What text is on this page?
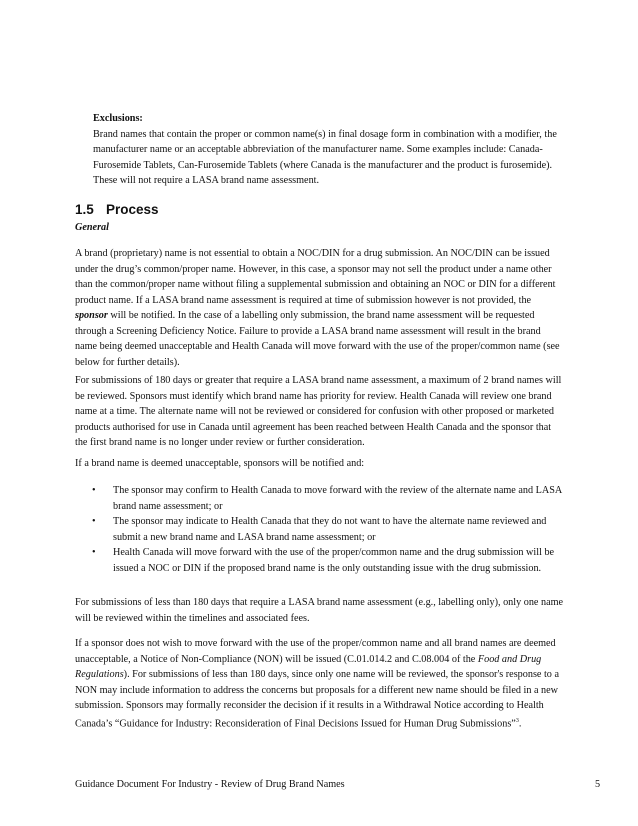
Exclusions:
Brand names that contain the proper or common name(s) in final dosage form in combination with a modifier, the manufacturer name or an acceptable abbreviation of the manufacturer name. Some examples include: Canada-Furosemide Tablets, Can-Furosemide Tablets (where Canada is the manufacturer and the product is furosemide). These will not require a LASA brand name assessment.
1.5 Process
General

A brand (proprietary) name is not essential to obtain a NOC/DIN for a drug submission. An NOC/DIN can be issued under the drug’s common/proper name. However, in this case, a sponsor may not sell the product under a name other than the common/proper name without filing a supplemental submission and obtaining an NOC or DIN for a different product name. If a LASA brand name assessment is required at time of submission however is not provided, the sponsor will be notified. In the case of a labelling only submission, the brand name assessment will be requested through a Screening Deficiency Notice. Failure to provide a LASA brand name assessment will result in the brand name being deemed unacceptable and Health Canada will move forward with the use of the proper/common name (see below for further details).

For submissions of 180 days or greater that require a LASA brand name assessment, a maximum of 2 brand names will be reviewed. Sponsors must identify which brand name has priority for review. Health Canada will review one brand name at a time. The alternate name will not be reviewed or considered for confusion with other proposed or marketed products authorised for use in Canada until agreement has been reached between Health Canada and the sponsor that the first brand name is no longer under review or further consideration.

If a brand name is deemed unacceptable, sponsors will be notified and:

• The sponsor may confirm to Health Canada to move forward with the review of the alternate name and LASA brand name assessment; or
• The sponsor may indicate to Health Canada that they do not want to have the alternate name reviewed and submit a new brand name and LASA brand name assessment; or
• Health Canada will move forward with the use of the proper/common name and the drug submission will be issued a NOC or DIN if the proposed brand name is the only outstanding issue with the drug submission.

For submissions of less than 180 days that require a LASA brand name assessment (e.g., labelling only), only one name will be reviewed within the timelines and associated fees.

If a sponsor does not wish to move forward with the use of the proper/common name and all brand names are deemed unacceptable, a Notice of Non-Compliance (NON) will be issued (C.01.014.2 and C.08.004 of the Food and Drug Regulations). For submissions of less than 180 days, since only one name will be reviewed, the sponsor's response to a NON may include information to address the concerns but proposals for a different new name should be filed in a new submission. Sponsors may formally reconsider the decision if it results in a Withdrawal Notice according to Health Canada’s “Guidance for Industry: Reconsideration of Final Decisions Issued for Human Drug Submissions”$^3$.

Guidance Document For Industry - Review of Drug Brand Names	5
